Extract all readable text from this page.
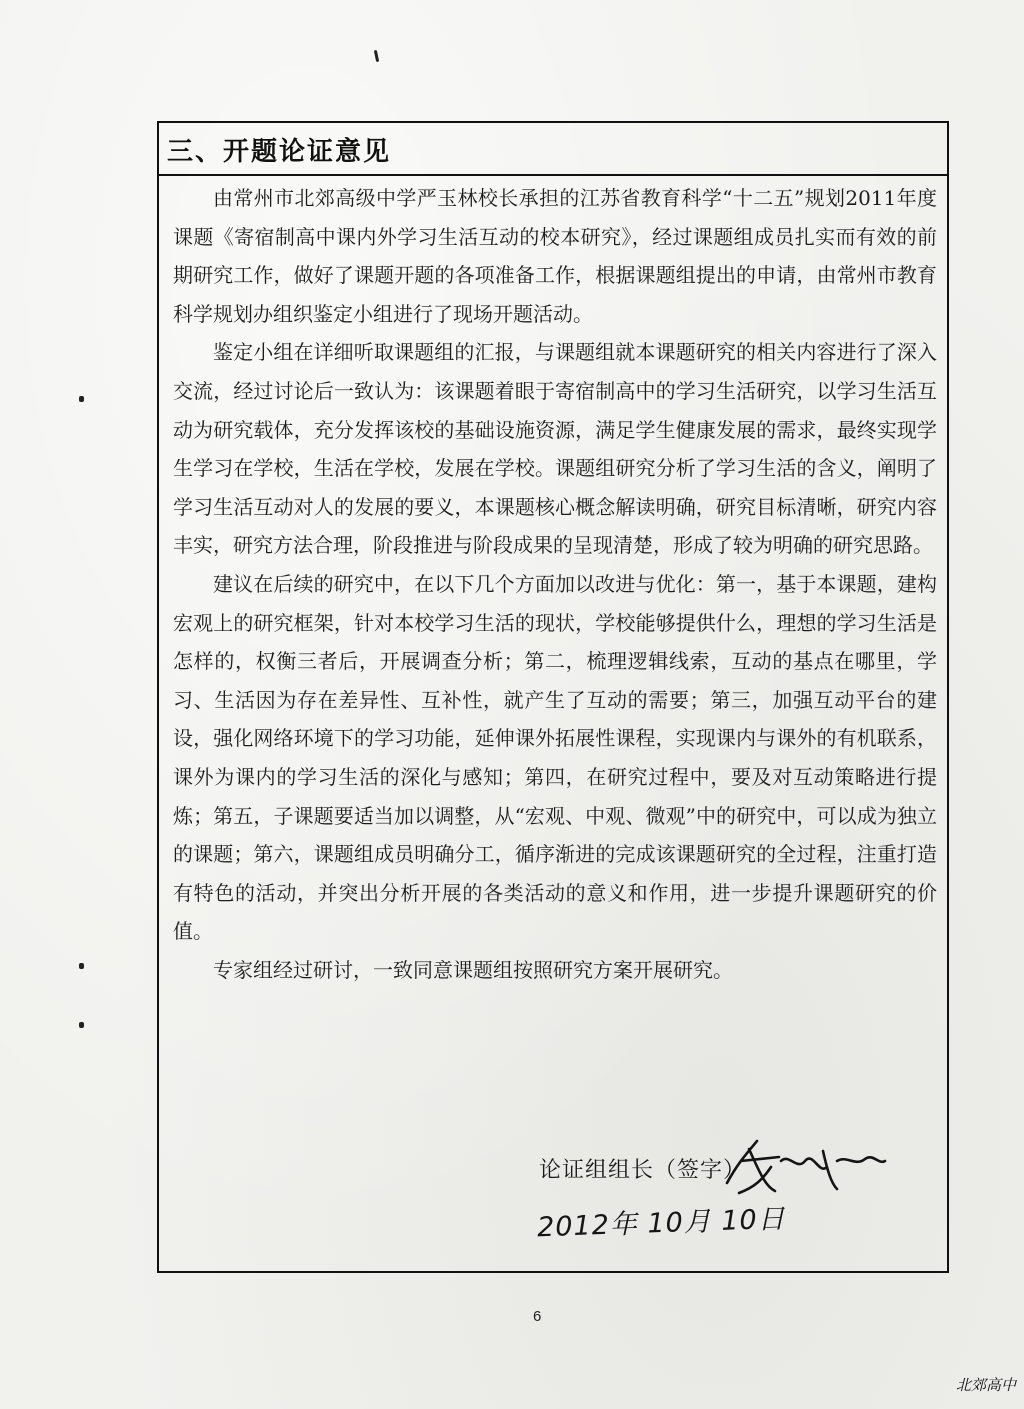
三、开题论证意见

由常州市北郊高级中学严玉林校长承担的江苏省教育科学“十二五”规划2011年度课题《寄宿制高中课内外学习生活互动的校本研究》，经过课题组成员扎实而有效的前期研究工作，做好了课题开题的各项准备工作，根据课题组提出的申请，由常州市教育科学规划办组织鉴定小组进行了现场开题活动。

鉴定小组在详细听取课题组的汇报，与课题组就本课题研究的相关内容进行了深入交流，经过讨论后一致认为：该课题着眼于寄宿制高中的学习生活研究，以学习生活互动为研究载体，充分发挥该校的基础设施资源，满足学生健康发展的需求，最终实现学生学习在学校，生活在学校，发展在学校。课题组研究分析了学习生活的含义，阐明了学习生活互动对人的发展的要义，本课题核心概念解读明确，研究目标清晰，研究内容丰实，研究方法合理，阶段推进与阶段成果的呈现清楚，形成了较为明确的研究思路。

建议在后续的研究中，在以下几个方面加以改进与优化：第一，基于本课题，建构宏观上的研究框架，针对本校学习生活的现状，学校能够提供什么，理想的学习生活是怎样的，权衡三者后，开展调查分析；第二，梳理逻辑线索，互动的基点在哪里，学习、生活因为存在差异性、互补性，就产生了互动的需要；第三，加强互动平台的建设，强化网络环境下的学习功能，延伸课外拓展性课程，实现课内与课外的有机联系，课外为课内的学习生活的深化与感知；第四，在研究过程中，要及对互动策略进行提炼；第五，子课题要适当加以调整，从“宏观、中观、微观”中的研究中，可以成为独立的课题；第六，课题组成员明确分工，循序渐进的完成该课题研究的全过程，注重打造有特色的活动，并突出分析开展的各类活动的意义和作用，进一步提升课题研究的价值。

专家组经过研讨，一致同意课题组按照研究方案开展研究。

论证组组长（签字）
2012年 10月 10日
6
北郊高中
